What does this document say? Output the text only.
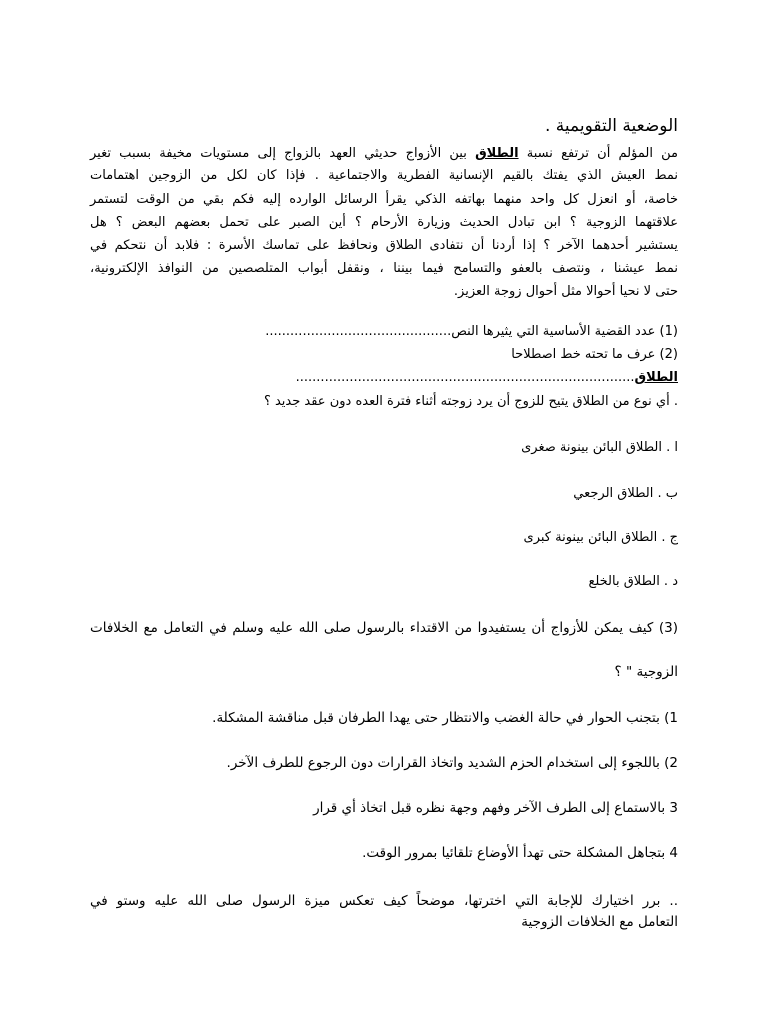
الوضعية التقويمية .
من المؤلم أن ترتفع نسبة الطلاق بين الأزواج حديثي العهد بالزواج إلى مستويات مخيفة بسبب تغير
نمط العيش الذي يفتك بالقيم الإنسانية الفطرية والاجتماعية . فإذا كان لكل من الزوجين اهتمامات
خاصة، أو انعزل كل واحد منهما بهاتفه الذكي يقرأ الرسائل الوارده إليه فكم بقي من الوقت لتستمر
علاقتهما الزوجية ؟ ابن تبادل الحديث وزيارة الأرحام ؟ أين الصبر على تحمل بعضهم البعض ؟ هل
يستشير أحدهما الآخر ؟ إذا أردنا أن نتفادى الطلاق ونحافظ على تماسك الأسرة : فلابد أن نتحكم في
نمط عيشنا ، ونتصف بالعفو والتسامح فيما بيننا ، ونقفل أبواب المتلصصين من النوافذ الإلكترونية،
حتى لا نحيا أحوالا مثل أحوال زوجة العزيز.
(1) عدد القضية الأساسية التي يثيرها النص.............................................
(2) عرف ما تحته خط اصطلاحا
الطلاق..................................................................................
. أي نوع من الطلاق يتيح للزوج أن يرد زوجته أثناء فترة العده دون عقد جديد ؟
ا . الطلاق البائن بينونة صغرى
ب . الطلاق الرجعي
ج . الطلاق البائن بينونة كبرى
د . الطلاق بالخلع
(3) كيف يمكن للأزواج أن يستفيدوا من الاقتداء بالرسول صلى الله عليه وسلم في التعامل مع الخلافات
الزوجية " ؟
1) بتجنب الحوار في حالة الغضب والانتظار حتى يهدا الطرفان قبل مناقشة المشكلة.
2) باللجوء إلى استخدام الحزم الشديد واتخاذ القرارات دون الرجوع للطرف الآخر.
3 بالاستماع إلى الطرف الآخر وفهم وجهة نظره قبل اتخاذ أي قرار
4 بتجاهل المشكلة حتى تهدأ الأوضاع تلقائيا بمرور الوقت.
.. برر اختيارك للإجابة التي اخترتها، موضحاً كيف تعكس ميزة الرسول صلى الله عليه وستو في
التعامل مع الخلافات الزوجية
